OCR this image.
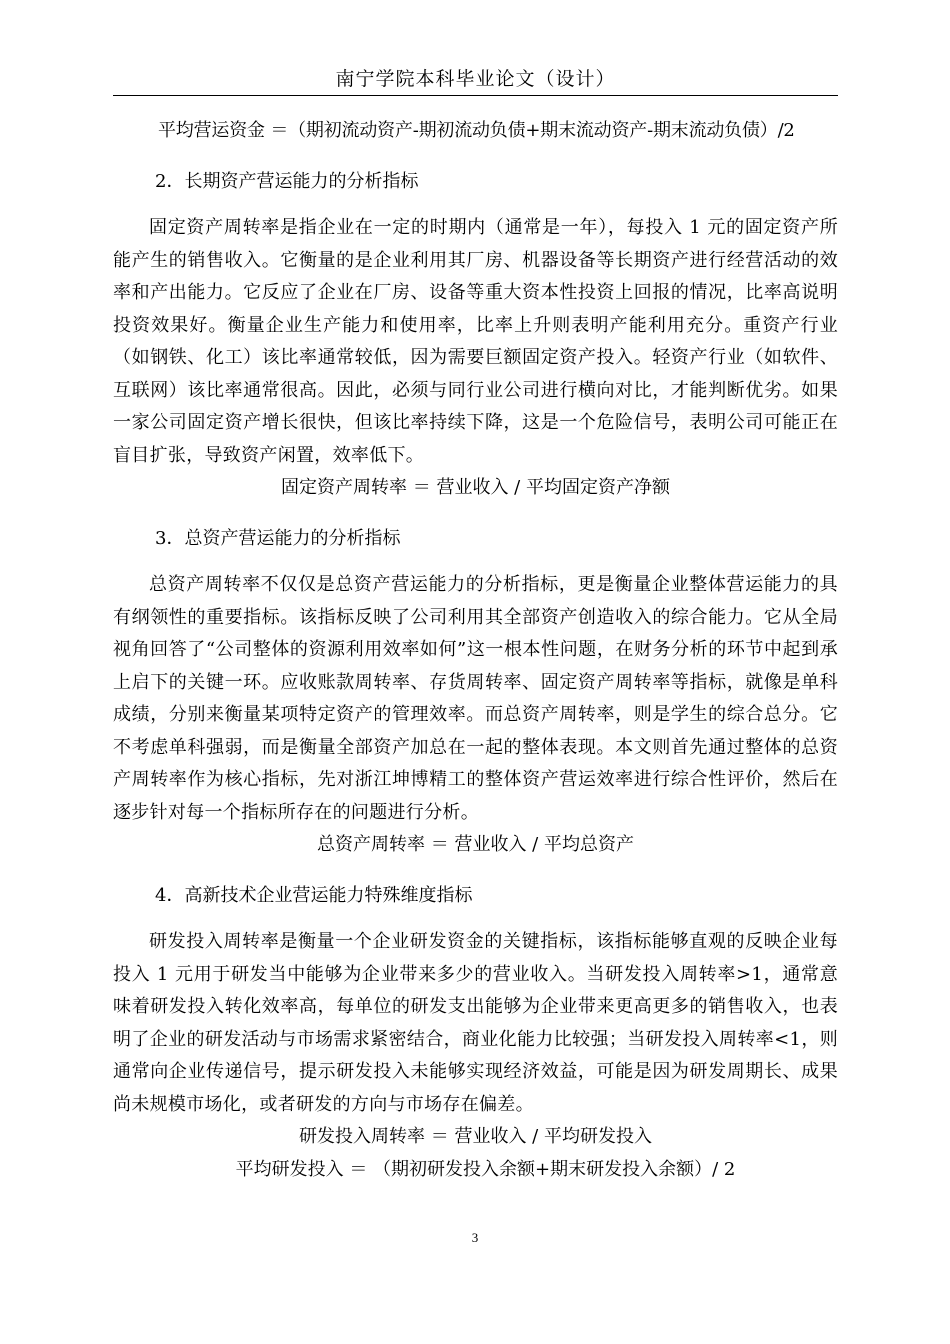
南宁学院本科毕业论文（设计）
平均营运资金 ＝（期初流动资产-期初流动负债+期末流动资产-期末流动负债）/2
2．长期资产营运能力的分析指标

固定资产周转率是指企业在一定的时期内（通常是一年），每投入 1 元的固定资产所能产生的销售收入。它衡量的是企业利用其厂房、机器设备等长期资产进行经营活动的效率和产出能力。它反应了企业在厂房、设备等重大资本性投资上回报的情况，比率高说明投资效果好。衡量企业生产能力和使用率，比率上升则表明产能利用充分。重资产行业（如钢铁、化工）该比率通常较低，因为需要巨额固定资产投入。轻资产行业（如软件、互联网）该比率通常很高。因此，必须与同行业公司进行横向对比，才能判断优劣。如果一家公司固定资产增长很快，但该比率持续下降，这是一个危险信号，表明公司可能正在盲目扩张，导致资产闲置，效率低下。

固定资产周转率 ＝ 营业收入 / 平均固定资产净额

3．总资产营运能力的分析指标

总资产周转率不仅仅是总资产营运能力的分析指标，更是衡量企业整体营运能力的具有纲领性的重要指标。该指标反映了公司利用其全部资产创造收入的综合能力。它从全局视角回答了“公司整体的资源利用效率如何”这一根本性问题，在财务分析的环节中起到承上启下的关键一环。应收账款周转率、存货周转率、固定资产周转率等指标，就像是单科成绩，分别来衡量某项特定资产的管理效率。而总资产周转率，则是学生的综合总分。它不考虑单科强弱，而是衡量全部资产加总在一起的整体表现。本文则首先通过整体的总资产周转率作为核心指标，先对浙江坤博精工的整体资产营运效率进行综合性评价，然后在逐步针对每一个指标所存在的问题进行分析。

总资产周转率 ＝ 营业收入 / 平均总资产

4．高新技术企业营运能力特殊维度指标

研发投入周转率是衡量一个企业研发资金的关键指标，该指标能够直观的反映企业每投入 1 元用于研发当中能够为企业带来多少的营业收入。当研发投入周转率>1，通常意味着研发投入转化效率高，每单位的研发支出能够为企业带来更高更多的销售收入，也表明了企业的研发活动与市场需求紧密结合，商业化能力比较强；当研发投入周转率<1，则通常向企业传递信号，提示研发投入未能够实现经济效益，可能是因为研发周期长、成果尚未规模市场化，或者研发的方向与市场存在偏差。

研发投入周转率 ＝ 营业收入 / 平均研发投入

平均研发投入 ＝ （期初研发投入余额+期末研发投入余额）/ 2

3
